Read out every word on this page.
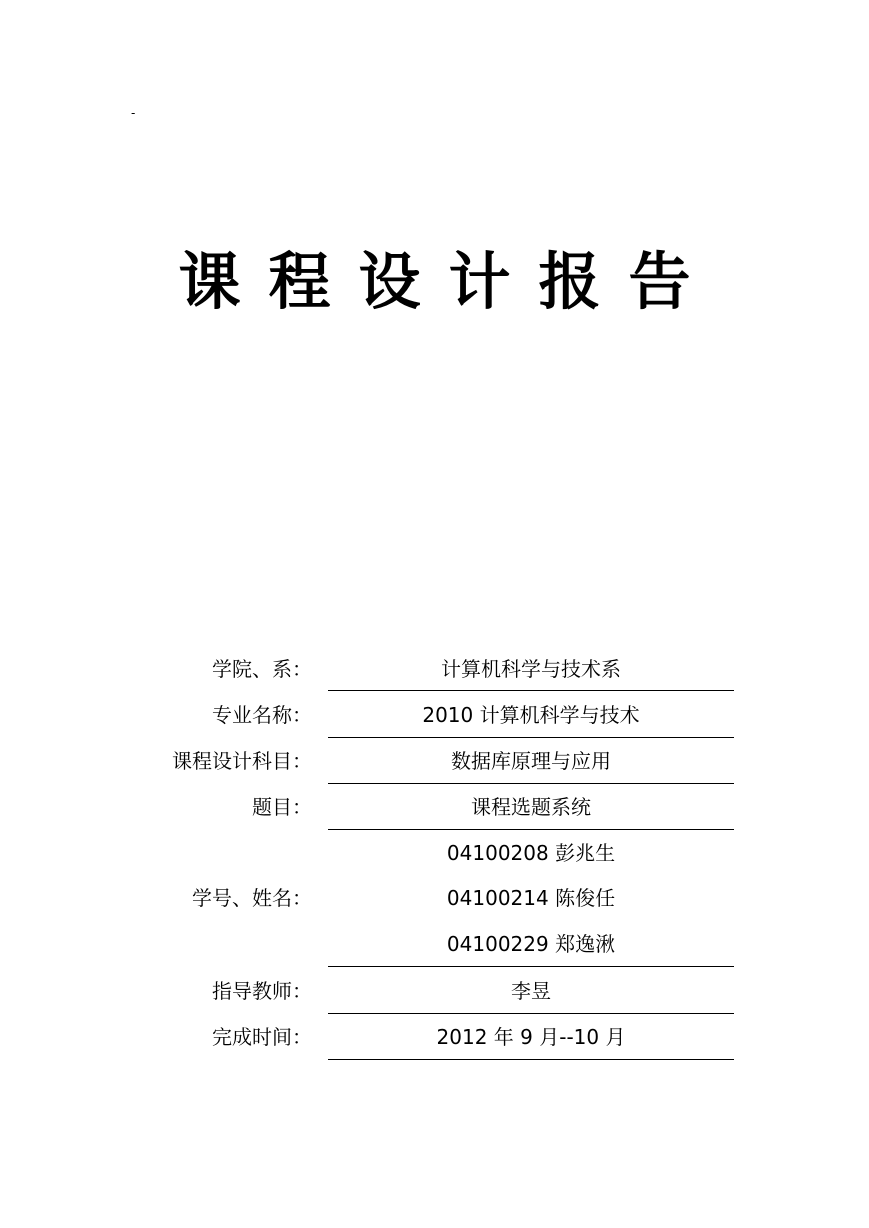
-
课程设计报告
学院、系：	计算机科学与技术系
专业名称：	2010 计算机科学与技术
课程设计科目：	数据库原理与应用
题目：	课程选题系统
04100208 彭兆生
学号、姓名：	04100214 陈俊任
04100229 郑逸湫
指导教师：	李昱
完成时间：	2012 年 9 月--10 月
